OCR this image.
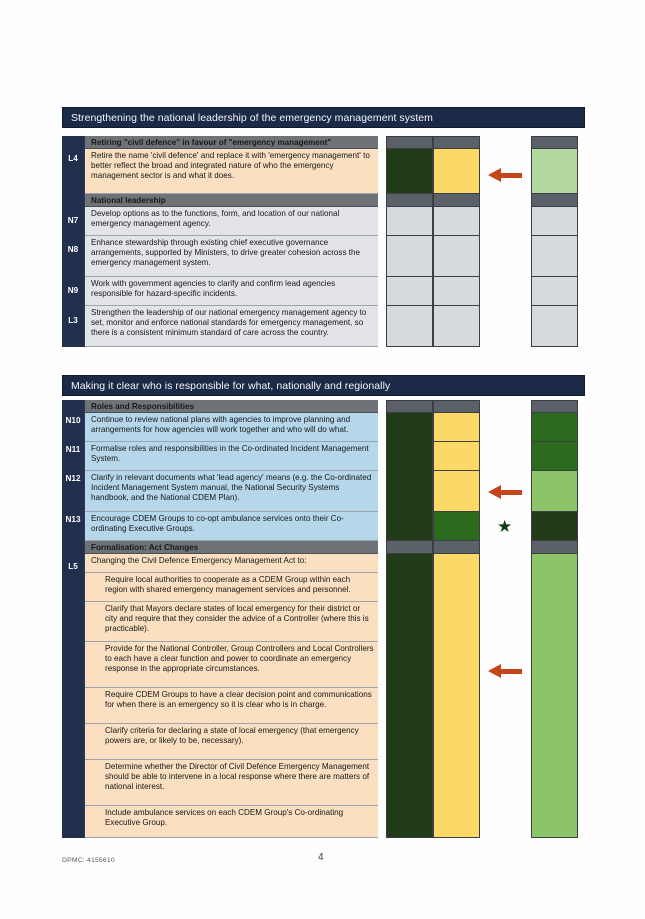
Strengthening the national leadership of the emergency management system
L4
N7
N8
N9
L3
Retiring "civil defence" in favour of "emergency management"
Retire the name 'civil defence' and replace it with 'emergency management' to better reflect the broad and integrated nature of who the emergency management sector is and what it does.
National leadership
Develop options as to the functions, form, and location of our national emergency management agency.
Enhance stewardship through existing chief executive governance arrangements, supported by Ministers, to drive greater cohesion across the emergency management system.
Work with government agencies to clarify and confirm lead agencies responsible for hazard-specific incidents.
Strengthen the leadership of our national emergency management agency to set, monitor and enforce national standards for emergency management, so there is a consistent minimum standard of care across the country.
Making it clear who is responsible for what, nationally and regionally
N10
N11
N12
N13
L5
Roles and Responsibilities
Continue to review national plans with agencies to improve planning and arrangements for how agencies will work together and who will do what.
Formalise roles and responsibilities in the Co-ordinated Incident Management System.
Clarify in relevant documents what 'lead agency' means (e.g. the Co-ordinated Incident Management System manual, the National Security Systems handbook, and the National CDEM Plan).
Encourage CDEM Groups to co-opt ambulance services onto their Co-ordinating Executive Groups.
Formalisation: Act Changes
Changing the Civil Defence Emergency Management Act to:
Require local authorities to cooperate as a CDEM Group within each region with shared emergency management services and personnel.
Clarify that Mayors declare states of local emergency for their district or city and require that they consider the advice of a Controller (where this is practicable).
Provide for the National Controller, Group Controllers and Local Controllers to each have a clear function and power to coordinate an emergency response in the appropriate circumstances.
Require CDEM Groups to have a clear decision point and communications for when there is an emergency so it is clear who is in charge.
Clarify criteria for declaring a state of local emergency (that emergency powers are, or likely to be, necessary).
Determine whether the Director of Civil Defence Emergency Management should be able to intervene in a local response where there are matters of national interest.
Include ambulance services on each CDEM Group's Co-ordinating Executive Group.
★
DPMC: 4155610	4
